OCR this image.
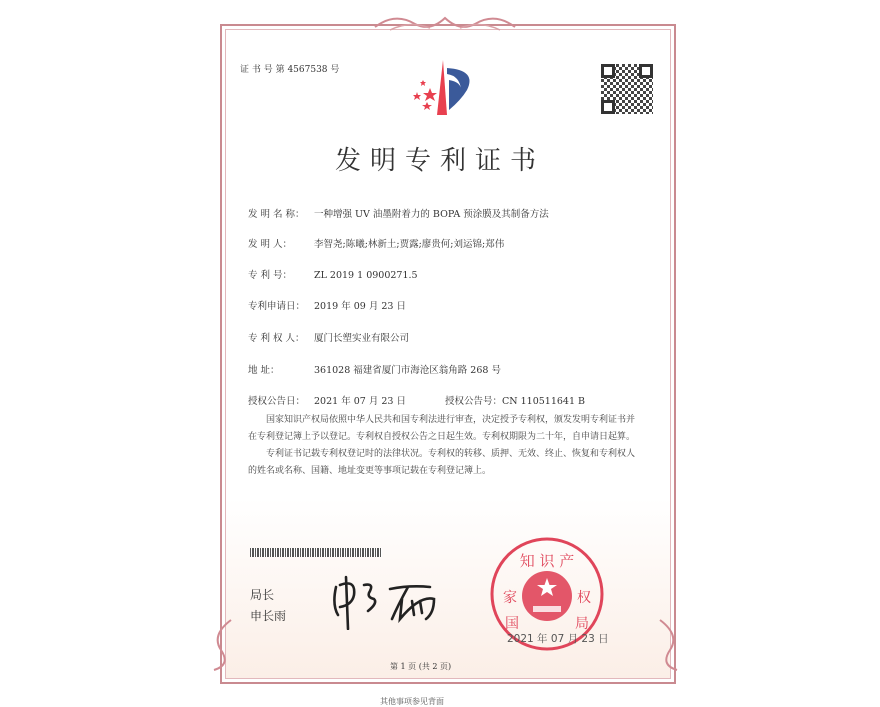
证 书 号 第 4567538 号
发明专利证书
发 明 名 称： 一种增强 UV 油墨附着力的 BOPA 预涂膜及其制备方法
发 明 人： 李智尧;陈曦;林新土;贾露;廖贵何;刘运锦;郑伟
专 利 号： ZL 2019 1 0900271.5
专利申请日： 2019 年 09 月 23 日
专 利 权 人： 厦门长塑实业有限公司
地 址：	361028 福建省厦门市海沧区翁角路 268 号
授权公告日： 2021 年 07 月 23 日	授权公告号：CN 110511641 B

国家知识产权局依照中华人民共和国专利法进行审查，决定授予专利权，颁发发明专利证书并在专利登记簿上予以登记。专利权自授权公告之日起生效。专利权期限为二十年，自申请日起算。

专利证书记载专利权登记时的法律状况。专利权的转移、质押、无效、终止、恢复和专利权人的姓名或名称、国籍、地址变更等事项记载在专利登记簿上。

局长
申长雨
知 识 产
家	权
国	局
2021 年 07 月 23 日
第 1 页 (共 2 页)
其他事项参见背面
